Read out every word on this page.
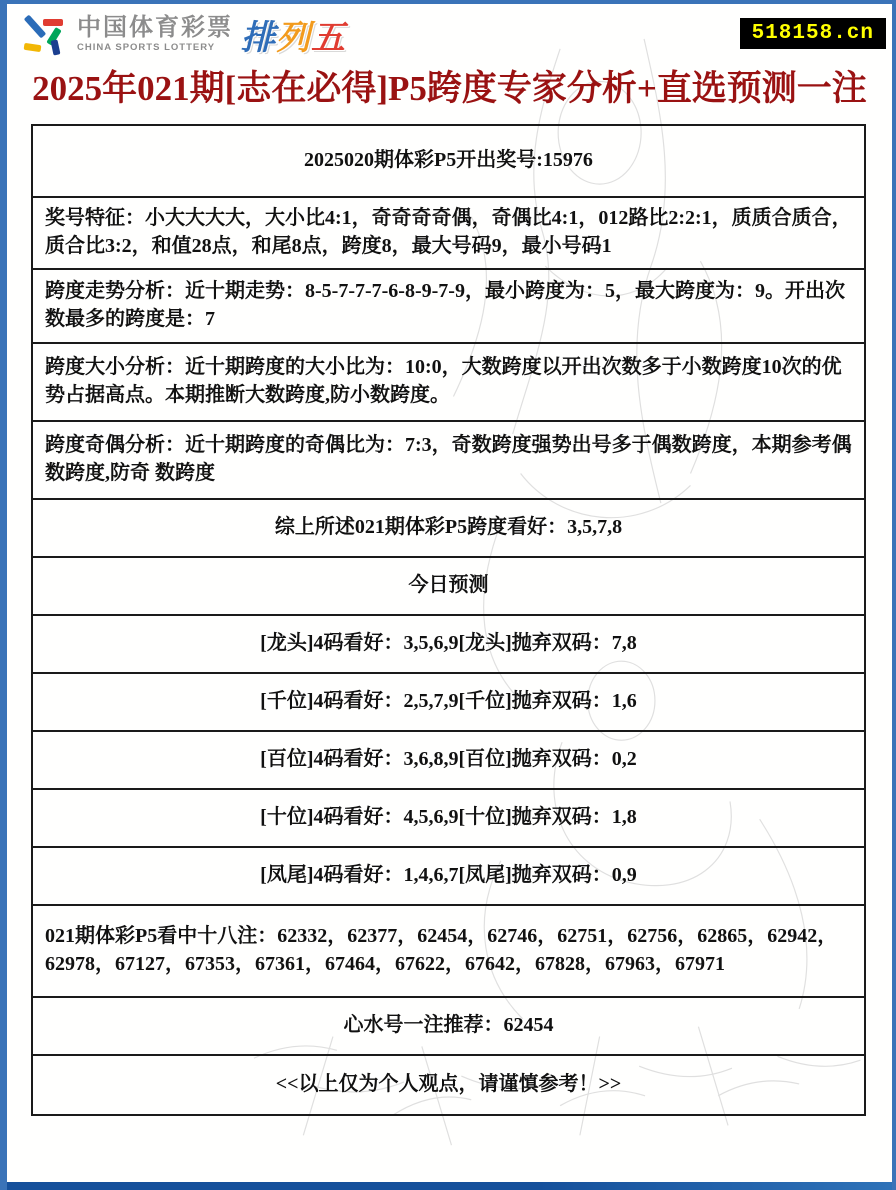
中国体育彩票
CHINA SPORTS LOTTERY 排列五	518158.cn
2025年021期[志在必得]P5跨度专家分析+直选预测一注
2025020期体彩P5开出奖号:15976
奖号特征：小大大大大，大小比4:1，奇奇奇奇偶，奇偶比4:1，012路比2:2:1，质质合质合，质合比3:2，和值28点，和尾8点，跨度8，最大号码9，最小号码1
跨度走势分析：近十期走势：8-5-7-7-7-6-8-9-7-9，最小跨度为：5，最大跨度为：9。开出次数最多的跨度是：7
跨度大小分析：近十期跨度的大小比为：10:0，大数跨度以开出次数多于小数跨度10次的优势占据高点。本期推断大数跨度,防小数跨度。
跨度奇偶分析：近十期跨度的奇偶比为：7:3，奇数跨度强势出号多于偶数跨度，本期参考偶数跨度,防奇 数跨度
综上所述021期体彩P5跨度看好：3,5,7,8
今日预测
[龙头]4码看好：3,5,6,9[龙头]抛弃双码：7,8
[千位]4码看好：2,5,7,9[千位]抛弃双码：1,6
[百位]4码看好：3,6,8,9[百位]抛弃双码：0,2
[十位]4码看好：4,5,6,9[十位]抛弃双码：1,8
[凤尾]4码看好：1,4,6,7[凤尾]抛弃双码：0,9
021期体彩P5看中十八注：62332，62377，62454，62746，62751，62756，62865，62942，62978，67127，67353，67361，67464，67622，67642，67828，67963，67971
心水号一注推荐：62454
<<以上仅为个人观点，请谨慎参考！>>
